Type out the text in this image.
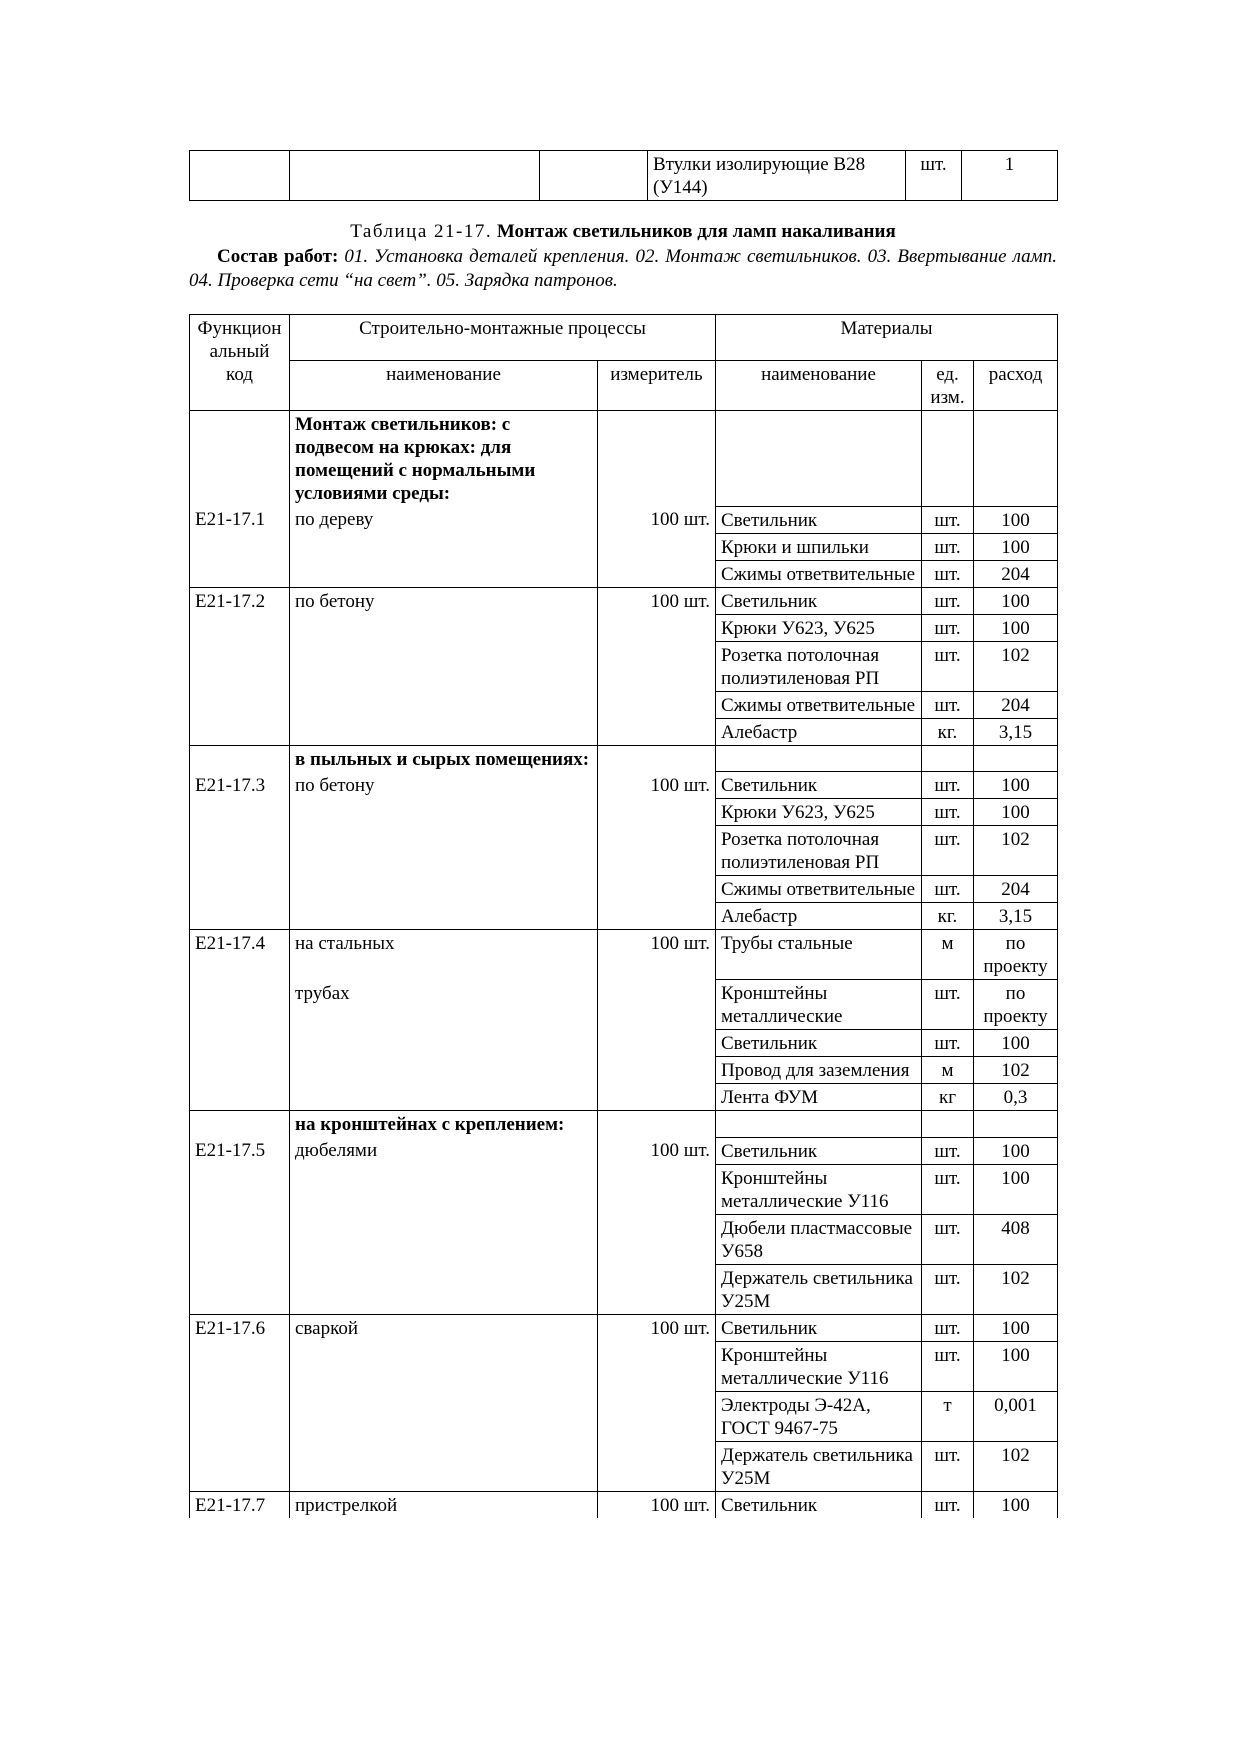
			Втулки изолирующие В28 (У144)	шт.	1
Таблица 21-17. Монтаж светильников для ламп накаливания
Состав работ: 01. Установка деталей крепления. 02. Монтаж светильников. 03. Ввертывание ламп. 04. Проверка сети “на свет”. 05. Зарядка патронов.
Функцион альный код	Строительно-монтажные процессы		Материалы		
	наименование	измеритель	наименование	ед. изм.	расход
	Монтаж светильников: с подвесом на крюках: для помещений с нормальными условиями среды:				
Е21-17.1	по дереву	100 шт.	Светильник	шт.	100
			Крюки и шпильки	шт.	100
			Сжимы ответвительные	шт.	204
Е21-17.2	по бетону	100 шт.	Светильник	шт.	100
			Крюки У623, У625	шт.	100
			Розетка потолочная полиэтиленовая РП	шт.	102
			Сжимы ответвительные	шт.	204
			Алебастр	кг.	3,15
	в пыльных и сырых помещениях:				
Е21-17.3	по бетону	100 шт.	Светильник	шт.	100
			Крюки У623, У625	шт.	100
			Розетка потолочная полиэтиленовая РП	шт.	102
			Сжимы ответвительные	шт.	204
			Алебастр	кг.	3,15
Е21-17.4	на стальных	100 шт.	Трубы стальные	м	по проекту
	трубах		Кронштейны металлические	шт.	по проекту
			Светильник	шт.	100
			Провод для заземления	м	102
			Лента ФУМ	кг	0,3
	на кронштейнах с креплением:				
Е21-17.5	дюбелями	100 шт.	Светильник	шт.	100
			Кронштейны металлические У116	шт.	100
			Дюбели пластмассовые У658	шт.	408
			Держатель светильника У25М	шт.	102
Е21-17.6	сваркой	100 шт.	Светильник	шт.	100
			Кронштейны металлические У116	шт.	100
			Электроды Э-42А, ГОСТ 9467-75	т	0,001
			Держатель светильника У25М	шт.	102
Е21-17.7	пристрелкой	100 шт.	Светильник	шт.	100
